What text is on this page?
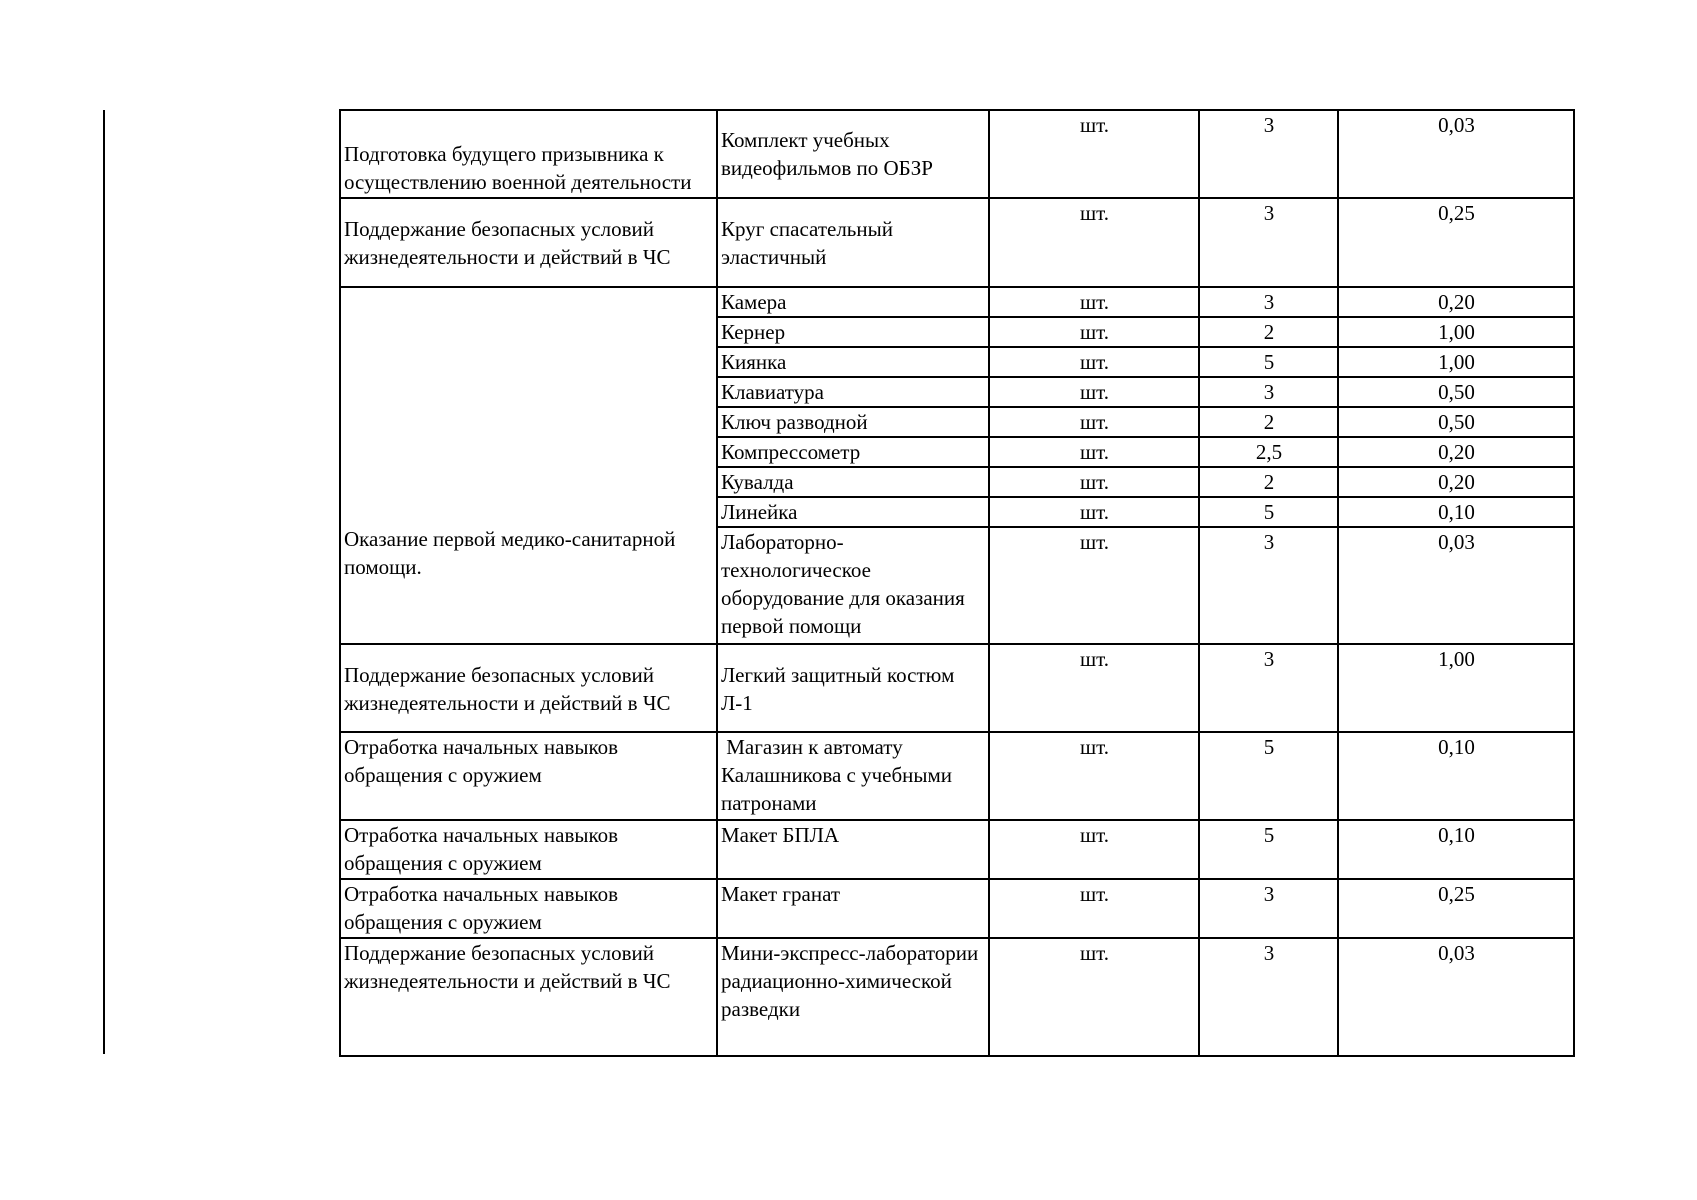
Подготовка будущего призывника к осуществлению военной деятельности	Комплект учебных видеофильмов по ОБЗР	шт.	3	0,03
Поддержание безопасных условий жизнедеятельности и действий в ЧС	Круг спасательный эластичный	шт.	3	0,25
Оказание первой медико-санитарной помощи.	Камера	шт.	3	0,20
	Кернер	шт.	2	1,00
	Киянка	шт.	5	1,00
	Клавиатура	шт.	3	0,50
	Ключ разводной	шт.	2	0,50
	Компрессометр	шт.	2,5	0,20
	Кувалда	шт.	2	0,20
	Линейка	шт.	5	0,10
	Лабораторно-технологическое оборудование для оказания первой помощи	шт.	3	0,03
Поддержание безопасных условий жизнедеятельности и действий в ЧС	Легкий защитный костюм Л-1	шт.	3	1,00
Отработка начальных навыков обращения с оружием	Магазин к автомату Калашникова с учебными патронами	шт.	5	0,10
Отработка начальных навыков обращения с оружием	Макет БПЛА	шт.	5	0,10
Отработка начальных навыков обращения с оружием	Макет гранат	шт.	3	0,25
Поддержание безопасных условий жизнедеятельности и действий в ЧС	Мини-экспресс-лаборатории радиационно-химической разведки	шт.	3	0,03
